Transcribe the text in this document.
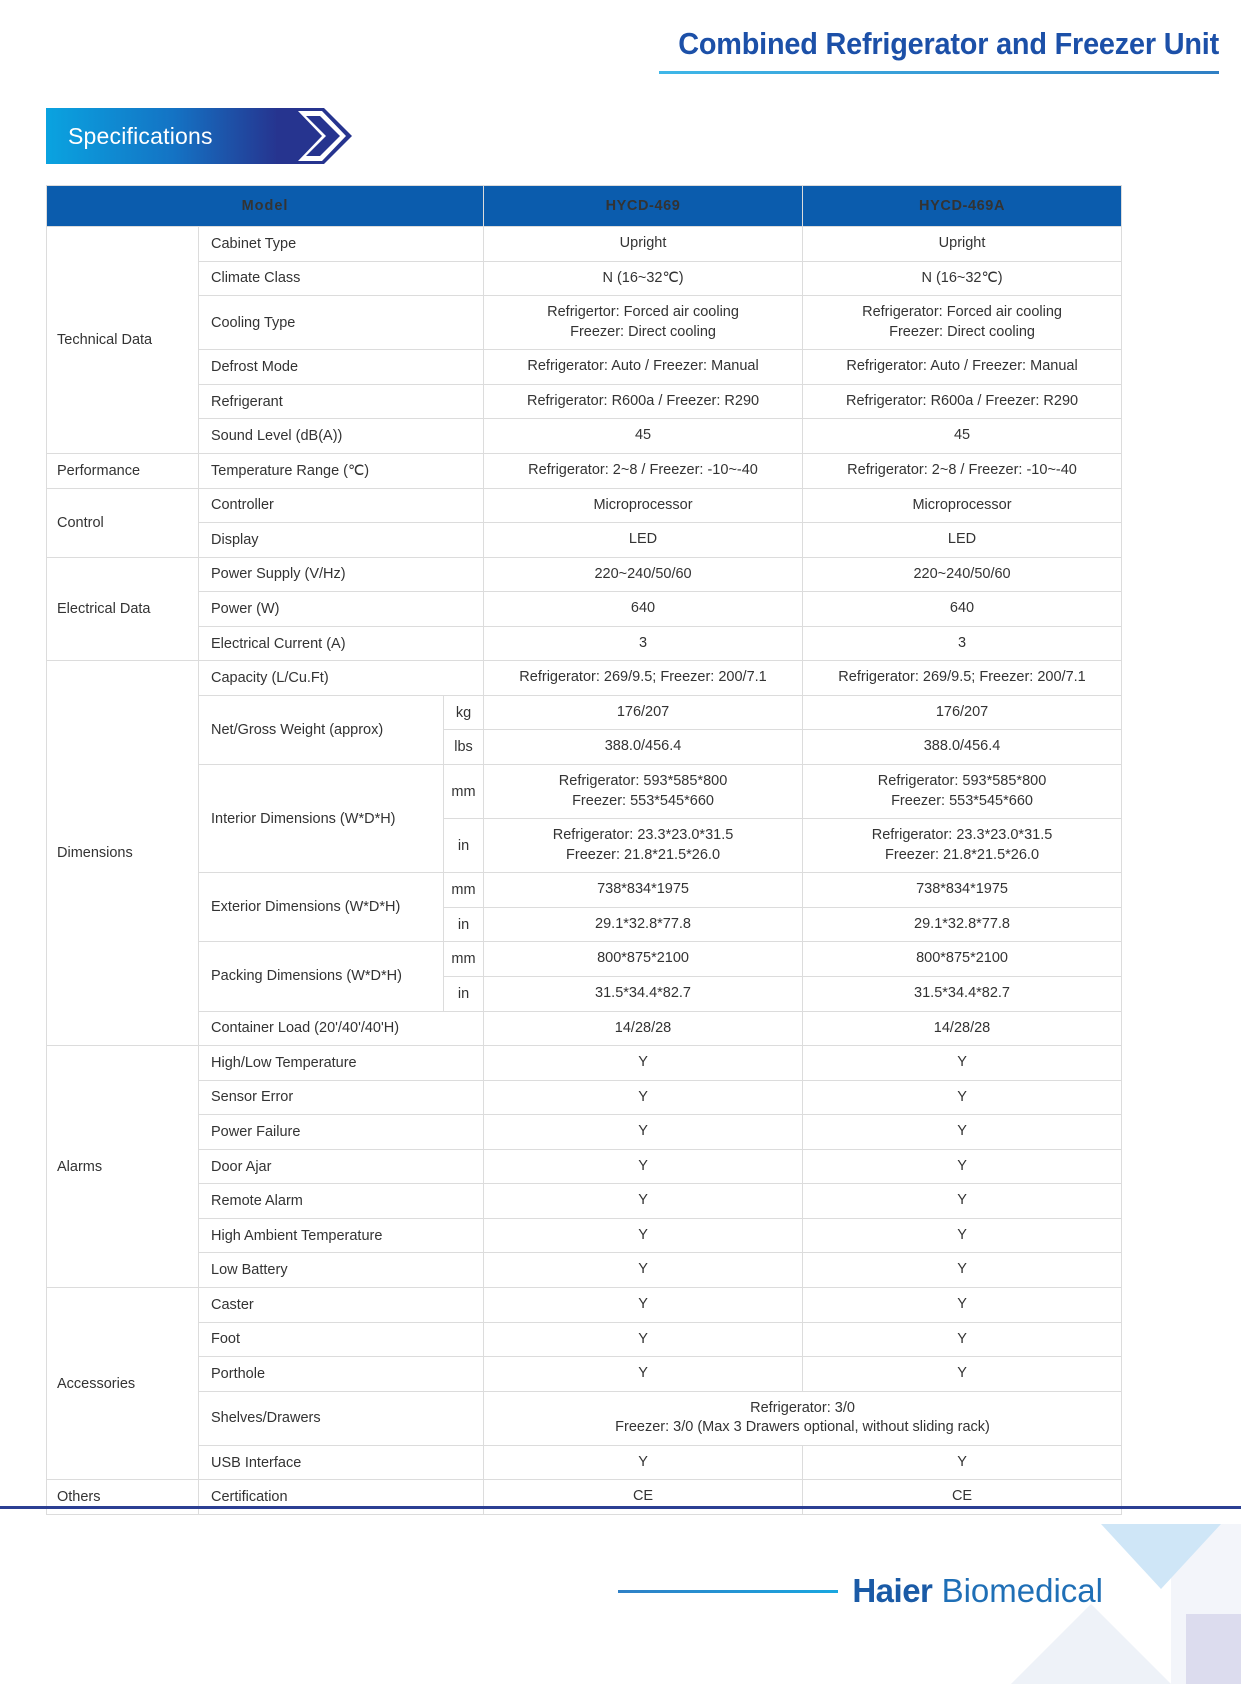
Combined Refrigerator and Freezer Unit
Specifications
Model			HYCD-469	HYCD-469A
Technical Data	Cabinet Type		Upright	Upright

	Climate Class		N (16~32℃)	N (16~32℃)

	Cooling Type		Refrigertor: Forced air cooling
Freezer: Direct cooling	Refrigerator: Forced air cooling
Freezer: Direct cooling

	Defrost Mode		Refrigerator: Auto / Freezer: Manual	Refrigerator: Auto / Freezer: Manual

	Refrigerant		Refrigerator: R600a / Freezer: R290	Refrigerator: R600a / Freezer: R290

	Sound Level (dB(A))		45	45

Performance	Temperature Range (℃)		Refrigerator: 2~8 / Freezer: -10~-40	Refrigerator: 2~8 / Freezer: -10~-40

Control	Controller		Microprocessor	Microprocessor

	Display		LED	LED

Electrical Data	Power Supply (V/Hz)		220~240/50/60	220~240/50/60

	Power (W)		640	640

	Electrical Current (A)		3	3

Dimensions	Capacity (L/Cu.Ft)		Refrigerator: 269/9.5; Freezer: 200/7.1	Refrigerator: 269/9.5; Freezer: 200/7.1

	Net/Gross Weight (approx)	kg	176/207	176/207

		lbs	388.0/456.4	388.0/456.4

	Interior Dimensions (W*D*H)	mm	Refrigerator: 593*585*800
Freezer: 553*545*660	Refrigerator: 593*585*800
Freezer: 553*545*660

		in	Refrigerator: 23.3*23.0*31.5
Freezer: 21.8*21.5*26.0	Refrigerator: 23.3*23.0*31.5
Freezer: 21.8*21.5*26.0

	Exterior Dimensions (W*D*H)	mm	738*834*1975	738*834*1975

		in	29.1*32.8*77.8	29.1*32.8*77.8

	Packing Dimensions (W*D*H)	mm	800*875*2100	800*875*2100

		in	31.5*34.4*82.7	31.5*34.4*82.7

	Container Load (20'/40'/40'H)		14/28/28	14/28/28

Alarms	High/Low Temperature		Y	Y

	Sensor Error		Y	Y

	Power Failure		Y	Y

	Door Ajar		Y	Y

	Remote Alarm		Y	Y

	High Ambient Temperature		Y	Y

	Low Battery		Y	Y

Accessories	Caster		Y	Y

	Foot		Y	Y

	Porthole		Y	Y

	Shelves/Drawers		Refrigerator: 3/0
Freezer: 3/0 (Max 3 Drawers optional, without sliding rack)	

	USB Interface		Y	Y

Others	Certification		CE	CE
Haier Biomedical
